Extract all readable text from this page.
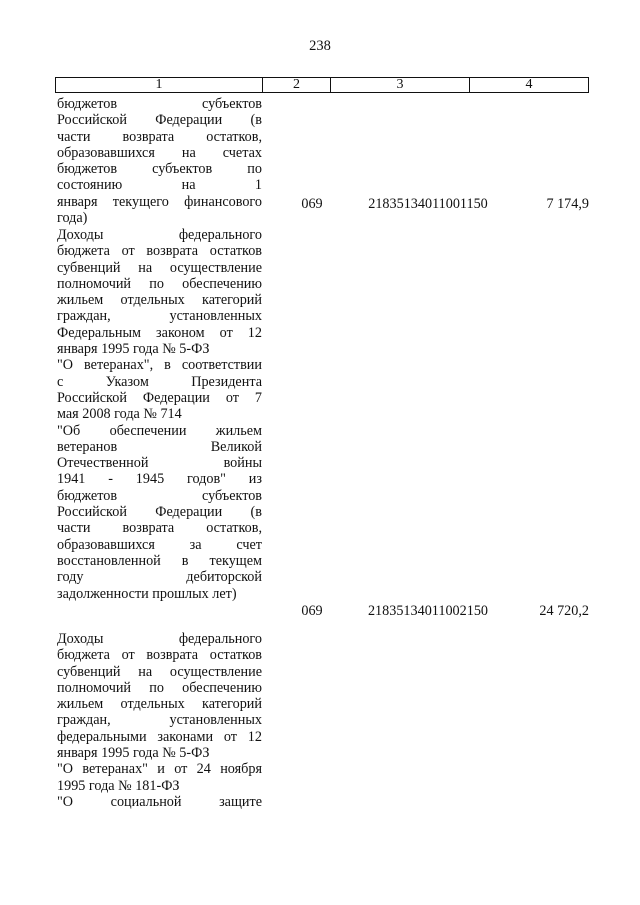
238
1	2	3	4
бюджетов субъектов
Российской Федерации (в
части возврата остатков,
образовавшихся на счетах
бюджетов субъектов по состоянию на 1
января текущего финансового
года)
069	21835134011001150	7 174,9
Доходы федерального
бюджета от возврата остатков
субвенций на осуществление
полномочий по обеспечению
жильем отдельных категорий
граждан, установленных
Федеральным законом от 12
января 1995 года № 5-ФЗ
"О ветеранах", в соответствии
с Указом Президента
Российской Федерации от 7
мая 2008 года № 714
"Об обеспечении жильем
ветеранов Великой
Отечественной войны
1941 - 1945 годов" из
бюджетов субъектов
Российской Федерации (в
части возврата остатков,
образовавшихся за счет
восстановленной в текущем
году дебиторской
задолженности прошлых лет)
069	21835134011002150	24 720,2
Доходы федерального
бюджета от возврата остатков
субвенций на осуществление
полномочий по обеспечению
жильем отдельных категорий
граждан, установленных
федеральными законами от 12
января 1995 года № 5-ФЗ
"О ветеранах" и от 24 ноября
1995 года № 181-ФЗ
"О социальной защите
